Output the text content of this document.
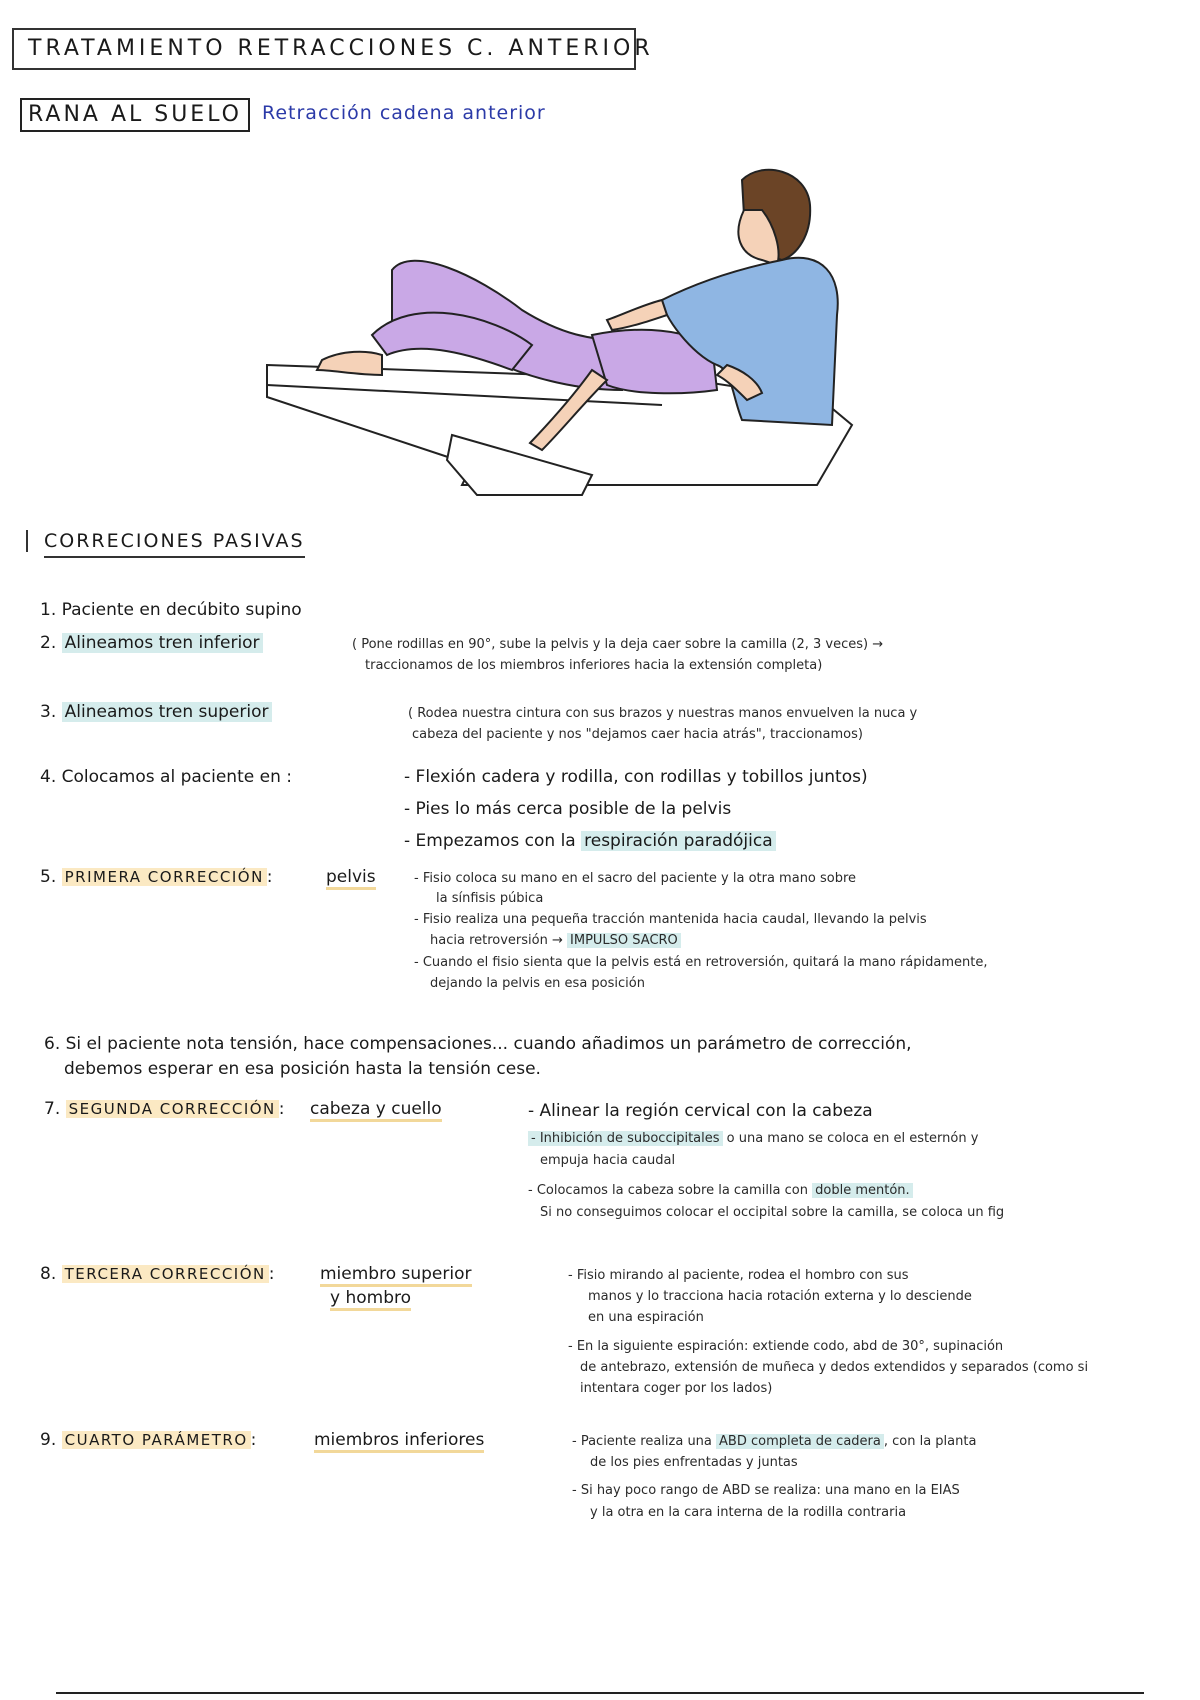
TRATAMIENTO RETRACCIONES C. ANTERIOR
RANA AL SUELO	Retracción cadena anterior
CORRECIONES PASIVAS
1. Paciente en decúbito supino
2. Alineamos tren inferior	( Pone rodillas en 90°, sube la pelvis y la deja caer sobre la camilla (2, 3 veces) →
traccionamos de los miembros inferiores hacia la extensión completa)
3. Alineamos tren superior	( Rodea nuestra cintura con sus brazos y nuestras manos envuelven la nuca y
cabeza del paciente y nos "dejamos caer hacia atrás", traccionamos)
4. Colocamos al paciente en :	- Flexión cadera y rodilla, con rodillas y tobillos juntos)
- Pies lo más cerca posible de la pelvis
- Empezamos con la respiración paradójica
5. PRIMERA CORRECCIÓN :	pelvis	- Fisio coloca su mano en el sacro del paciente y la otra mano sobre
la sínfisis púbica
- Fisio realiza una pequeña tracción mantenida hacia caudal, llevando la pelvis
hacia retroversión → IMPULSO SACRO
- Cuando el fisio sienta que la pelvis está en retroversión, quitará la mano rápidamente,
dejando la pelvis en esa posición
6. Si el paciente nota tensión, hace compensaciones... cuando añadimos un parámetro de corrección,
debemos esperar en esa posición hasta la tensión cese.
7. SEGUNDA CORRECCIÓN : cabeza y cuello	- Alinear la región cervical con la cabeza
- Inhibición de suboccipitales o una mano se coloca en el esternón y
empuja hacia caudal
- Colocamos la cabeza sobre la camilla con doble mentón.
Si no conseguimos colocar el occipital sobre la camilla, se coloca un fig
8. TERCERA CORRECCIÓN :	miembro superior
y hombro
- Fisio mirando al paciente, rodea el hombro con sus
manos y lo tracciona hacia rotación externa y lo desciende
en una espiración
- En la siguiente espiración: extiende codo, abd de 30°, supinación
de antebrazo, extensión de muñeca y dedos extendidos y separados (como si
intentara coger por los lados)
9. CUARTO PARÁMETRO :	miembros inferiores	- Paciente realiza una ABD completa de cadera , con la planta
de los pies enfrentadas y juntas
- Si hay poco rango de ABD se realiza: una mano en la EIAS
y la otra en la cara interna de la rodilla contraria
